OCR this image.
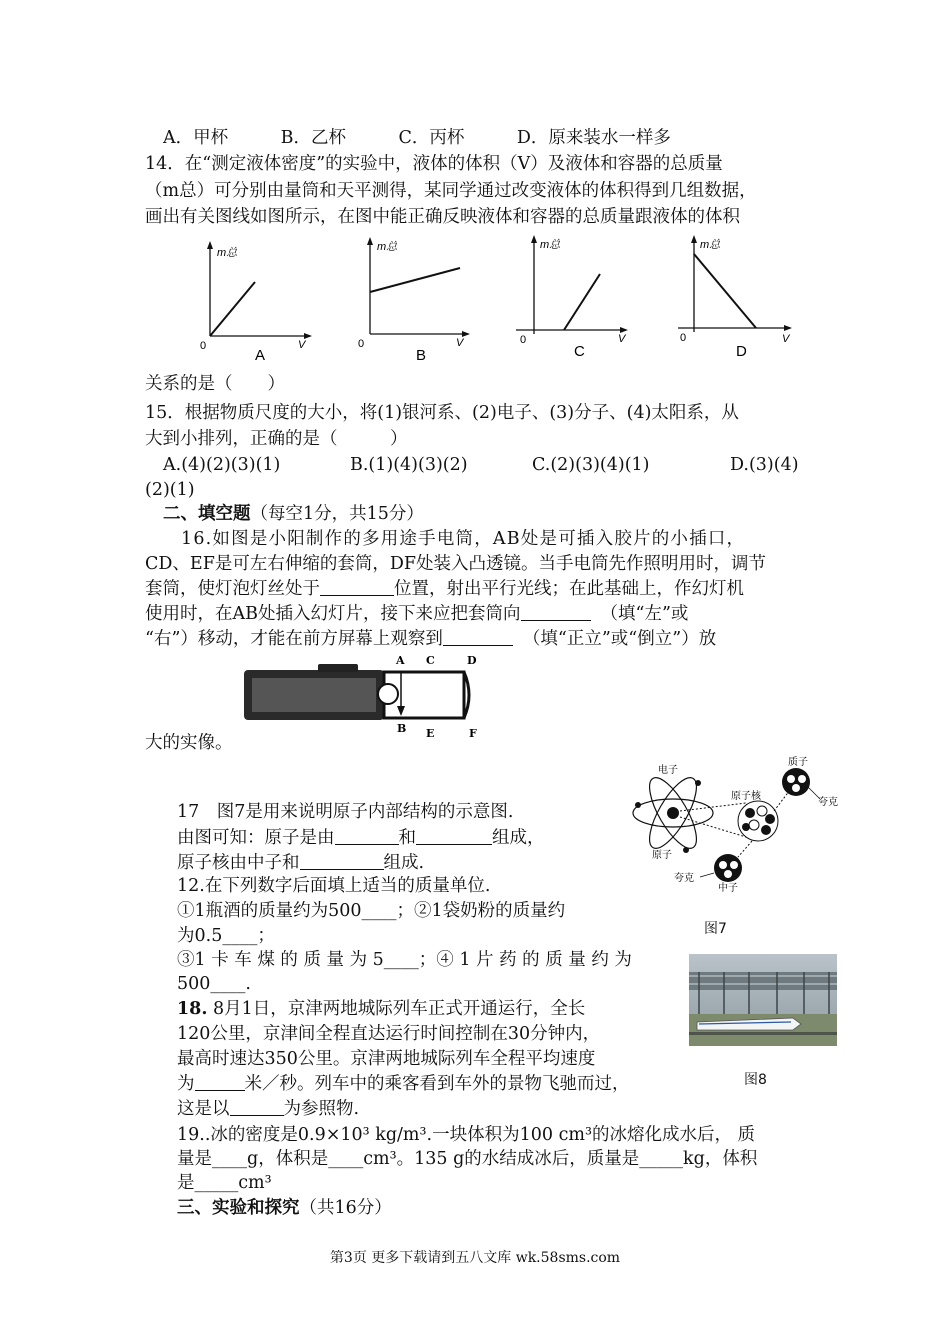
A．甲杯　　　B．乙杯　　　C．丙杯　　　D．原来装水一样多
14．在“测定液体密度”的实验中，液体的体积（V）及液体和容器的总质量
（m总）可分别由量筒和天平测得，某同学通过改变液体的体积得到几组数据，
画出有关图线如图所示，在图中能正确反映液体和容器的总质量跟液体的体积
m总
0	V
A
m总
0	V
B
m总
0	V
C
m总
0	V
D
关系的是（　　）
15．根据物质尺度的大小，将(1)银河系、(2)电子、(3)分子、(4)太阳系，从
大到小排列，正确的是（　　　）
A.(4)(2)(3)(1)	B.(1)(4)(3)(2)	C.(2)(3)(4)(1)	D.(3)(4)
(2)(1)
二、填空题（每空1分，共15分）
16.如图是小阳制作的多用途手电筒，AB处是可插入胶片的小插口，
CD、EF是可左右伸缩的套筒，DF处装入凸透镜。当手电筒先作照明用时，调节
套筒，使灯泡灯丝处于	位置，射出平行光线；在此基础上，作幻灯机
使用时，在AB处插入幻灯片，接下来应把套筒向	（填“左”或
“右”）移动，才能在前方屏幕上观察到	（填“正立”或“倒立”）放
A C	D
B E	F
大的实像。
电子
原子核
质子
夸克
原子
夸克
中子
图7
17　图7是用来说明原子内部结构的示意图.
由图可知：原子是由	和	组成，
原子核由中子和	组成.
12.在下列数字后面填上适当的质量单位.
①1瓶酒的质量约为500____；②1袋奶粉的质量约
为0.5____；
③1 卡 车 煤 的 质 量 为 5____；④ 1 片 药 的 质 量 约 为
500____.
图8
18. 8月1日，京津两地城际列车正式开通运行，全长
120公里，京津间全程直达运行时间控制在30分钟内，
最高时速达350公里。京津两地城际列车全程平均速度
为	米／秒。列车中的乘客看到车外的景物飞驰而过，
这是以	为参照物.
19..冰的密度是0.9×10³ kg/m³.一块体积为100 cm³的冰熔化成水后， 质
量是____g，体积是____cm³。135 g的水结成冰后，质量是_____kg，体积
是_____cm³
三、实验和探究（共16分）
第3页 更多下载请到五八文库 wk.58sms.com
